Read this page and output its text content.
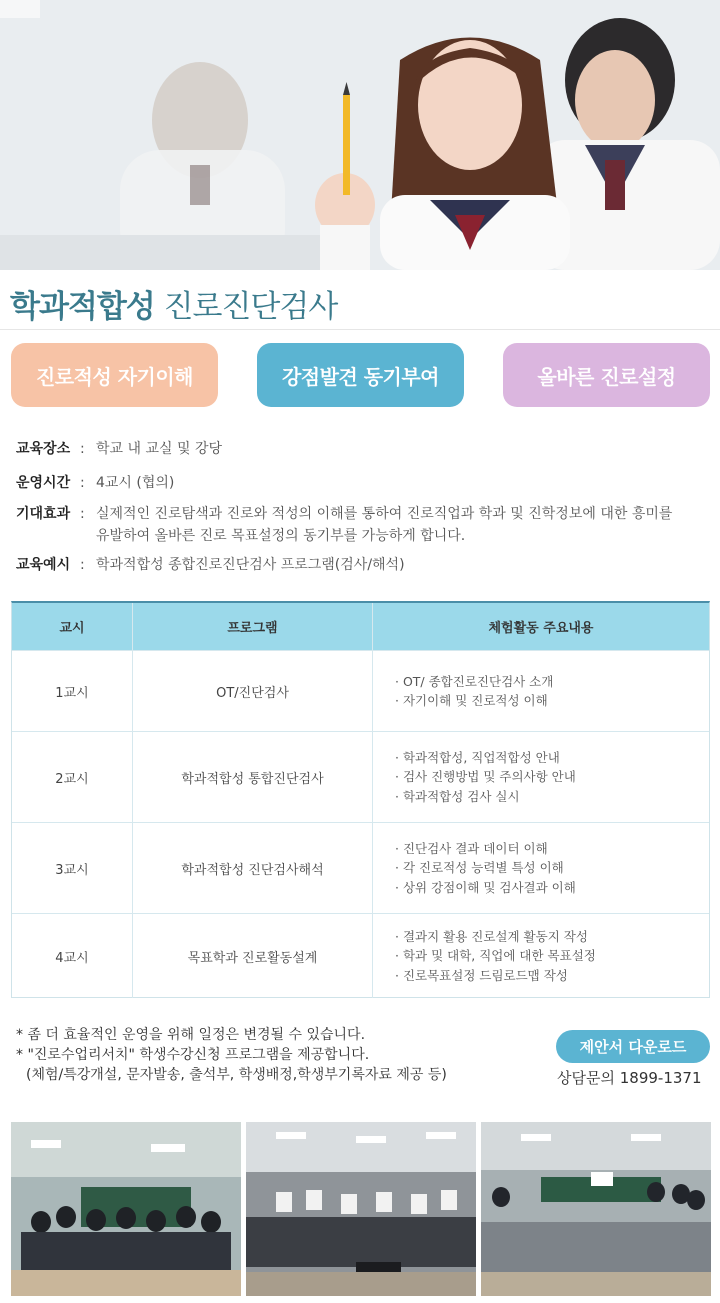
학과적합성 진로진단검사
진로적성 자기이해	강점발견 동기부여	올바른 진로설정
교육장소 : 학교 내 교실 및 강당
운영시간 : 4교시 (협의)
기대효과 : 실제적인 진로탐색과 진로와 적성의 이해를 통하여 진로직업과 학과 및 진학정보에 대한 흥미를 유발하여 올바른 진로 목표설정의 동기부를 가능하게 합니다.
교육예시 : 학과적합성 종합진로진단검사 프로그램(검사/해석)
교시	프로그램	체험활동 주요내용
1교시	OT/진단검사
· OT/ 종합진로진단검사 소개
· 자기이해 및 진로적성 이해
2교시	학과적합성 통합진단검사
· 학과적합성, 직업적합성 안내
· 검사 진행방법 및 주의사항 안내
· 학과적합성 검사 실시
3교시	학과적합성 진단검사해석
· 진단검사 결과 데이터 이해
· 각 진로적성 능력별 특성 이해
· 상위 강점이해 및 검사결과 이해
4교시	목표학과 진로활동설계
· 결과지 활용 진로설계 활동지 작성
· 학과 및 대학, 직업에 대한 목표설정
· 진로목표설정 드림로드맵 작성
* 좀 더 효율적인 운영을 위해 일정은 변경될 수 있습니다.
* "진로수업리서치" 학생수강신청 프로그램을 제공합니다.
(체험/특강개설, 문자발송, 출석부, 학생배정,학생부기록자료 제공 등)
제안서 다운로드
상담문의 1899-1371
